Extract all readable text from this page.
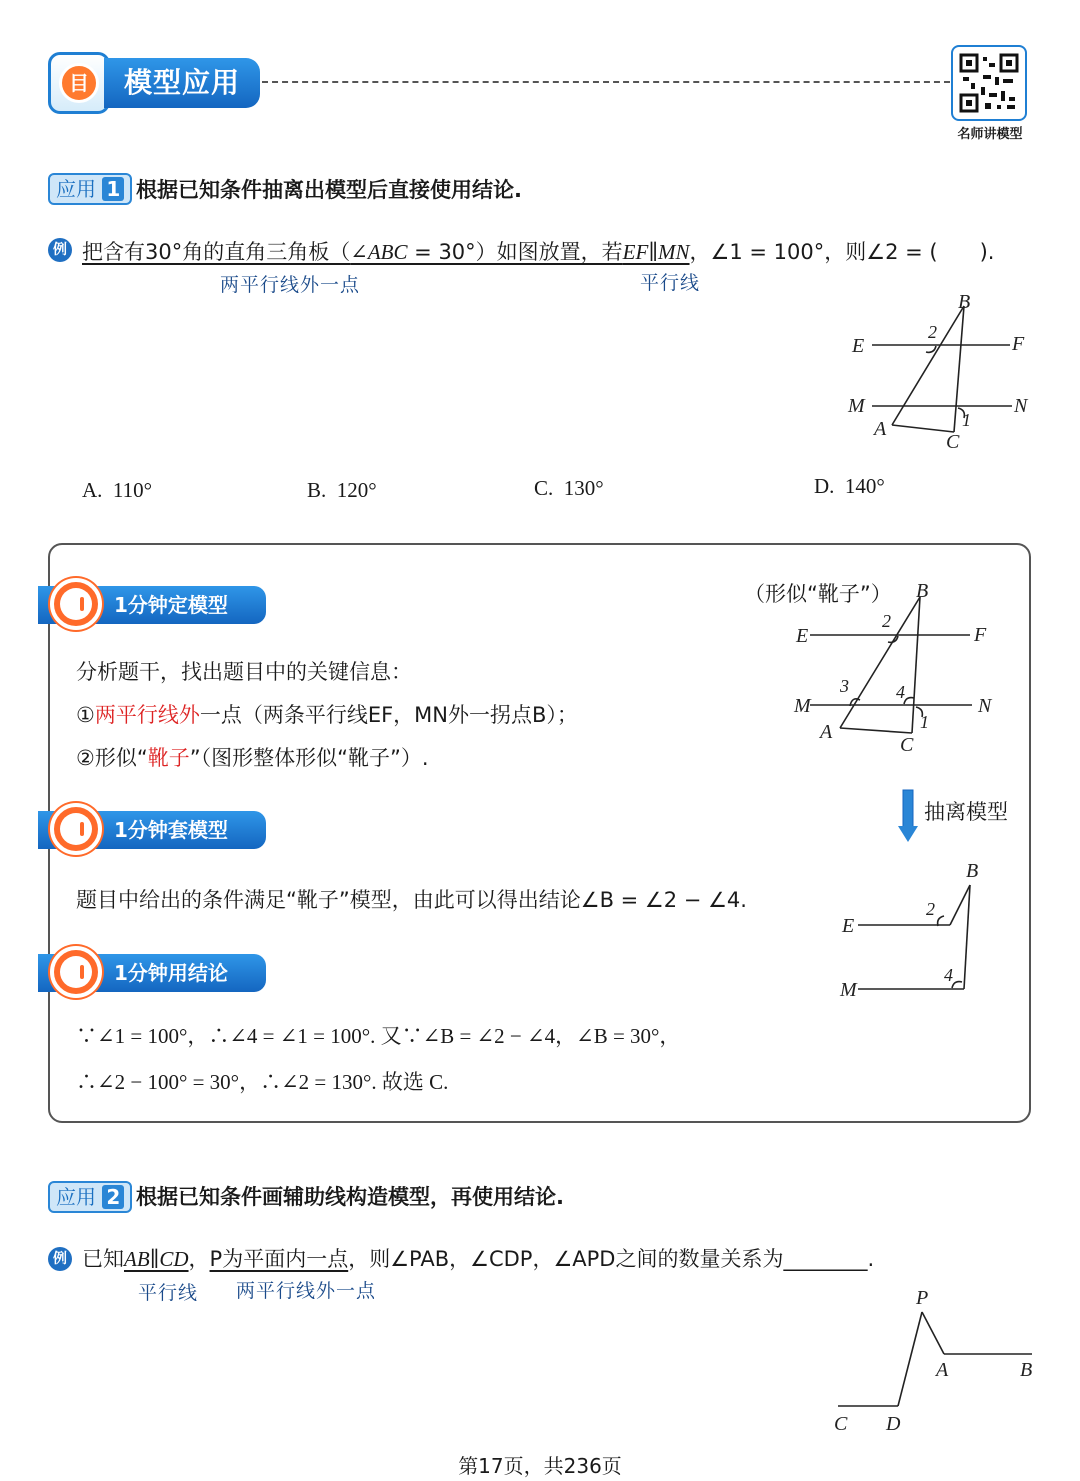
目	模型应用
名师讲模型
应用 1 根据已知条件抽离出模型后直接使用结论.
例 把含有30°角的直角三角板（∠ABC = 30°）如图放置，若EF∥MN，∠1 = 100°，则∠2 = (　　).
两平行线外一点	平行线
B
E	F
M	N
A
C
2
1
A. 110°	B. 120°	C. 130°	D. 140°
1分钟定模型
分析题干，找出题目中的关键信息：
①两平行线外一点（两条平行线EF，MN外一拐点B）；
②形似“靴子”（图形整体形似“靴子”）.
1分钟套模型
题目中给出的条件满足“靴子”模型，由此可以得出结论∠B = ∠2 − ∠4.
1分钟用结论
∵∠1 = 100°，∴∠4 = ∠1 = 100°. 又∵∠B = ∠2 − ∠4，∠B = 30°，
∴∠2 − 100° = 30°，∴∠2 = 130°. 故选 C.
（形似“靴子”） B
E	F
M	N
A
C
2
3	4
1
抽离模型
B
E
M
2
4
应用 2 根据已知条件画辅助线构造模型，再使用结论.
例 已知AB∥CD，P为平面内一点，则∠PAB，∠CDP，∠APD之间的数量关系为________.
平行线 两平行线外一点	P
A	B
C D
第17页，共236页
